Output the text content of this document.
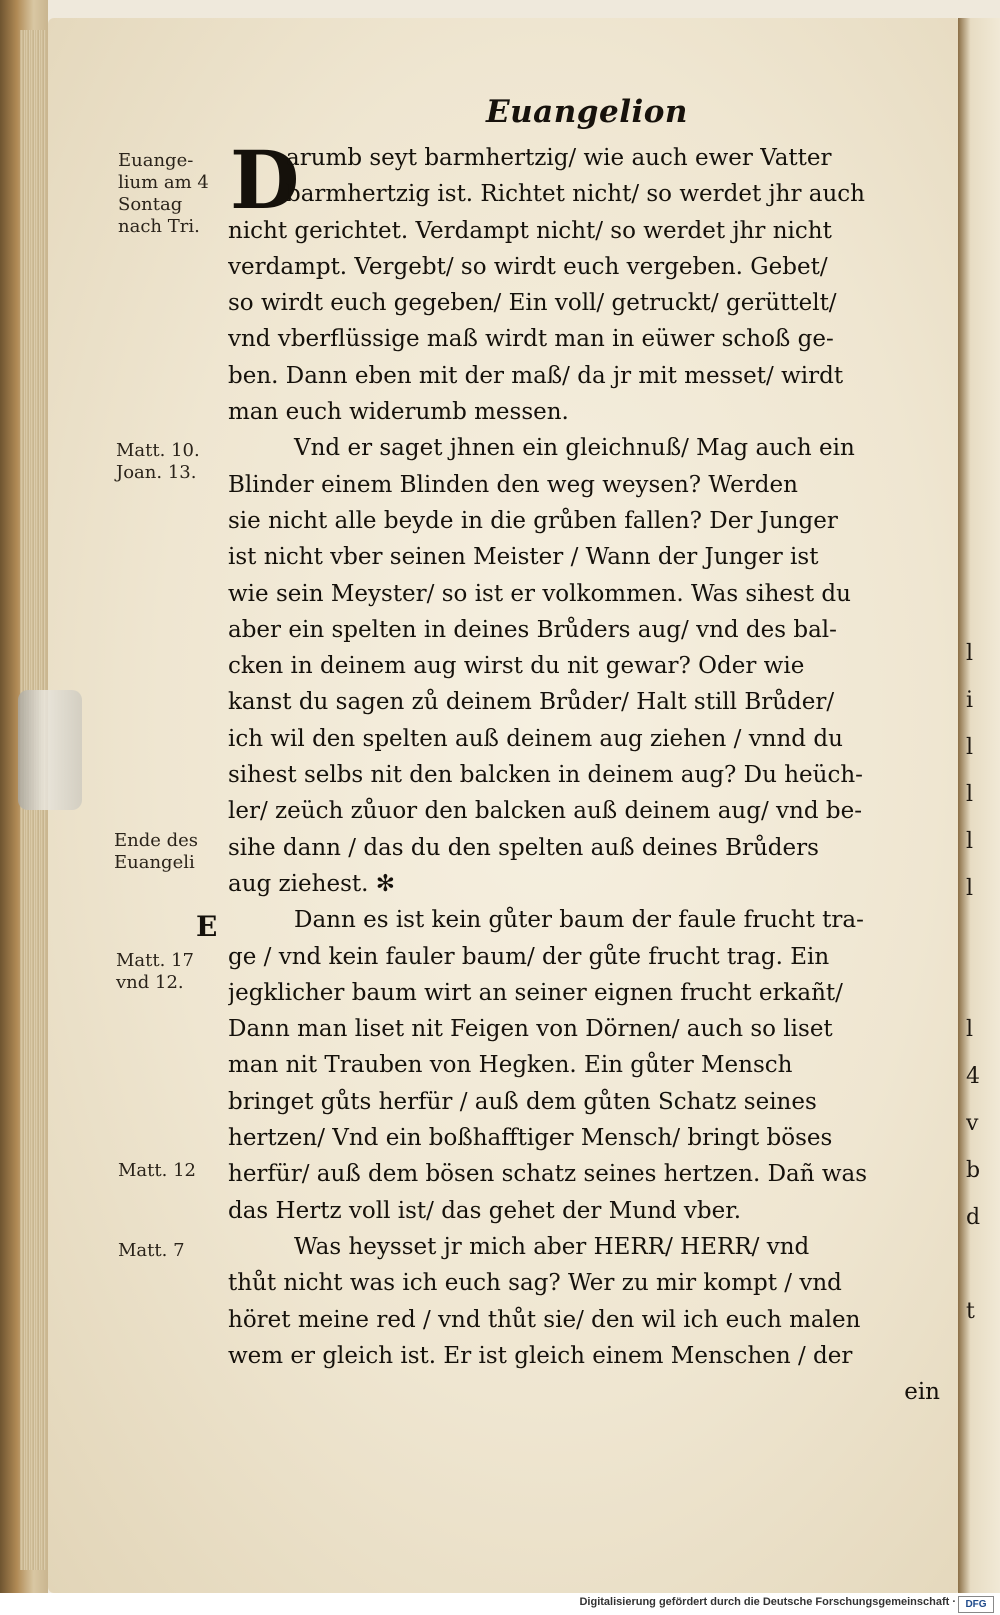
l
i
l
l
l
l

l
4
v
b
d

t
Euangelion
D
arumb seyt barmhertzig/ wie auch ewer Vatter
barmhertzig ist. Richtet nicht/ so werdet jhr auch
nicht gerichtet. Verdampt nicht/ so werdet jhr nicht
verdampt. Vergebt/ so wirdt euch vergeben. Gebet/
so wirdt euch gegeben/ Ein voll/ getruckt/ gerüttelt/
vnd vberflüssige maß wirdt man in eüwer schoß ge-
ben. Dann eben mit der maß/ da jr mit messet/ wirdt
man euch widerumb messen.
Vnd er saget jhnen ein gleichnuß/ Mag auch ein
Blinder einem Blinden den weg weysen? Werden
sie nicht alle beyde in die grůben fallen? Der Junger
ist nicht vber seinen Meister / Wann der Junger ist
wie sein Meyster/ so ist er volkommen. Was sihest du
aber ein spelten in deines Brůders aug/ vnd des bal-
cken in deinem aug wirst du nit gewar? Oder wie
kanst du sagen zů deinem Brůder/ Halt still Brůder/
ich wil den spelten auß deinem aug ziehen / vnnd du
sihest selbs nit den balcken in deinem aug? Du heüch-
ler/ zeüch zůuor den balcken auß deinem aug/ vnd be-
sihe dann / das du den spelten auß deines Brůders
aug ziehest. ✻
Dann es ist kein gůter baum der faule frucht tra-
ge / vnd kein fauler baum/ der gůte frucht trag. Ein
jegklicher baum wirt an seiner eignen frucht erkañt/
Dann man liset nit Feigen von Dörnen/ auch so liset
man nit Trauben von Hegken. Ein gůter Mensch
bringet gůts herfür / auß dem gůten Schatz seines
hertzen/ Vnd ein boßhafftiger Mensch/ bringt böses
herfür/ auß dem bösen schatz seines hertzen. Dañ was
das Hertz voll ist/ das gehet der Mund vber.
Was heysset jr mich aber HERR/ HERR/ vnd
thůt nicht was ich euch sag? Wer zu mir kompt / vnd
höret meine red / vnd thůt sie/ den wil ich euch malen
wem er gleich ist. Er ist gleich einem Menschen / der
ein
Euange-
lium am 4
Sontag
nach Tri.
Matt. 10.
Joan. 13.
Ende des
Euangeli
E
Matt. 17
vnd 12.
Matt. 12
Matt. 7
Digitalisierung gefördert durch die Deutsche Forschungsgemeinschaft · DFG
